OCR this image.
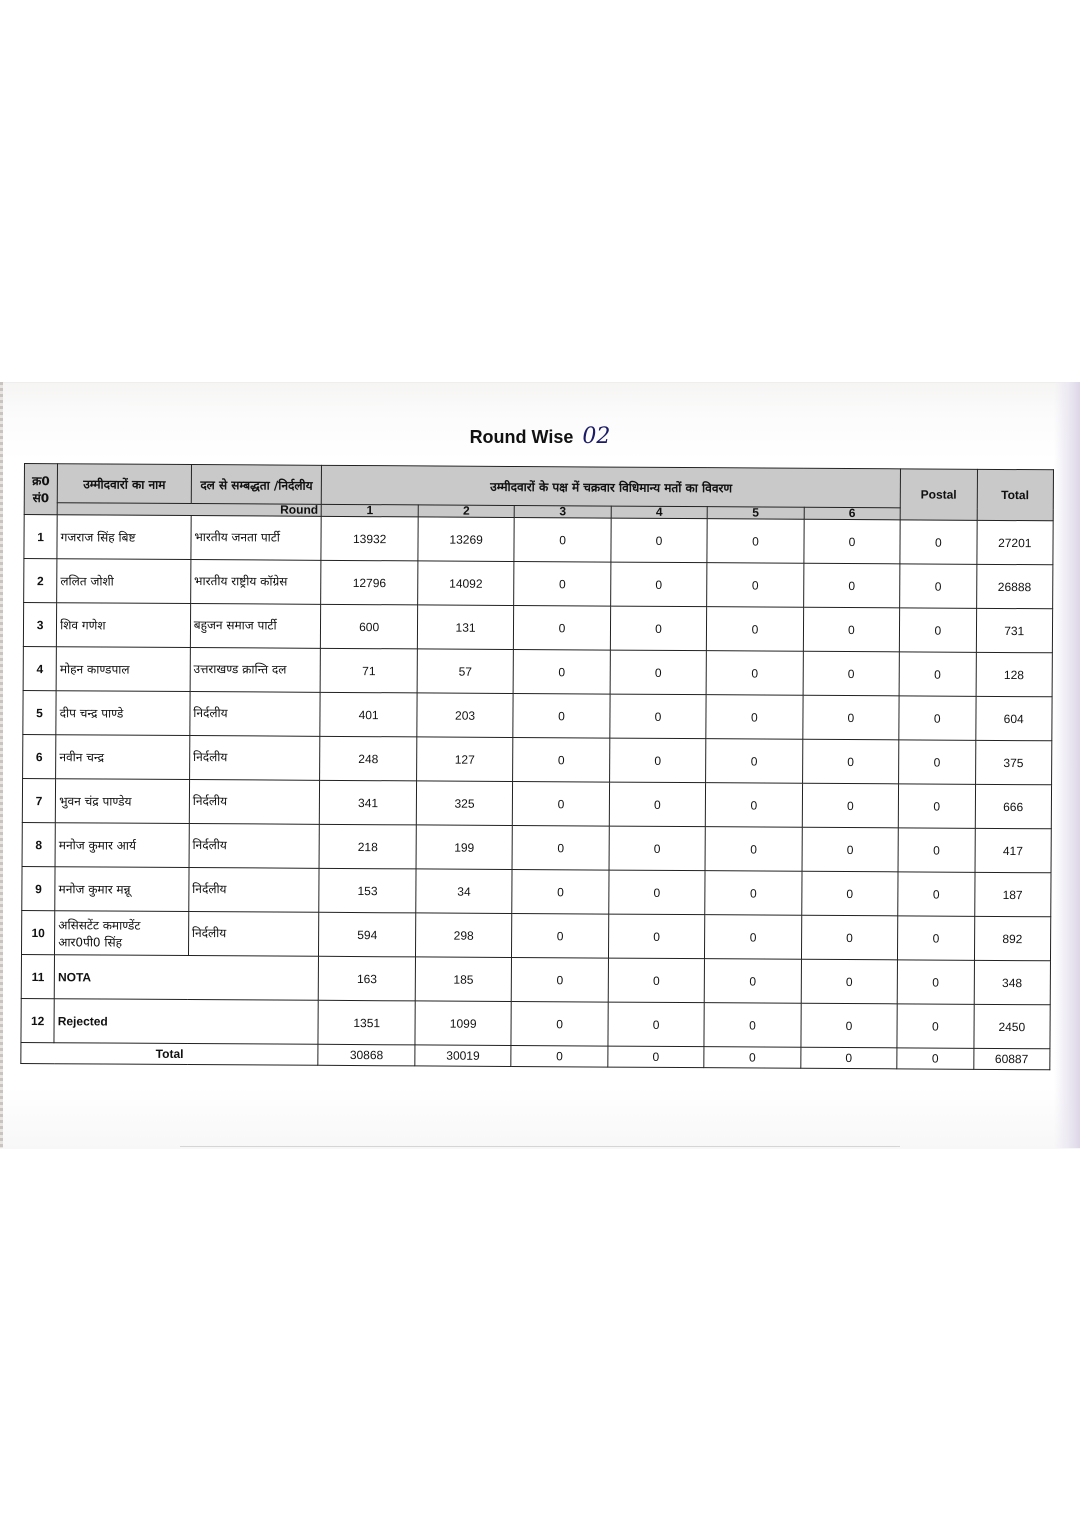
Round Wise 02
क्र0 सं0	उम्मीदवारों का नाम	दल से सम्बद्धता /निर्दलीय	उम्मीदवारों के पक्ष में चक्रवार विधिमान्य मतों का विवरण						Postal	Total
	Round		1	2	3	4	5	6		
1	गजराज सिंह बिष्ट	भारतीय जनता पार्टी	13932	13269	0	0	0	0	0	27201
2	ललित जोशी	भारतीय राष्ट्रीय कॉग्रेस	12796	14092	0	0	0	0	0	26888
3	शिव गणेश	बहुजन समाज पार्टी	600	131	0	0	0	0	0	731
4	मोहन काण्डपाल	उत्तराखण्ड क्रान्ति दल	71	57	0	0	0	0	0	128
5	दीप चन्द्र पाण्डे	निर्दलीय	401	203	0	0	0	0	0	604
6	नवीन चन्द्र	निर्दलीय	248	127	0	0	0	0	0	375
7	भुवन चंद्र पाण्डेय	निर्दलीय	341	325	0	0	0	0	0	666
8	मनोज कुमार आर्य	निर्दलीय	218	199	0	0	0	0	0	417
9	मनोज कुमार मन्नू	निर्दलीय	153	34	0	0	0	0	0	187
10	असिसटेंट कमाण्डेंट आर0पी0 सिंह	निर्दलीय	594	298	0	0	0	0	0	892
11	NOTA		163	185	0	0	0	0	0	348
12	Rejected		1351	1099	0	0	0	0	0	2450
Total			30868	30019	0	0	0	0	0	60887
